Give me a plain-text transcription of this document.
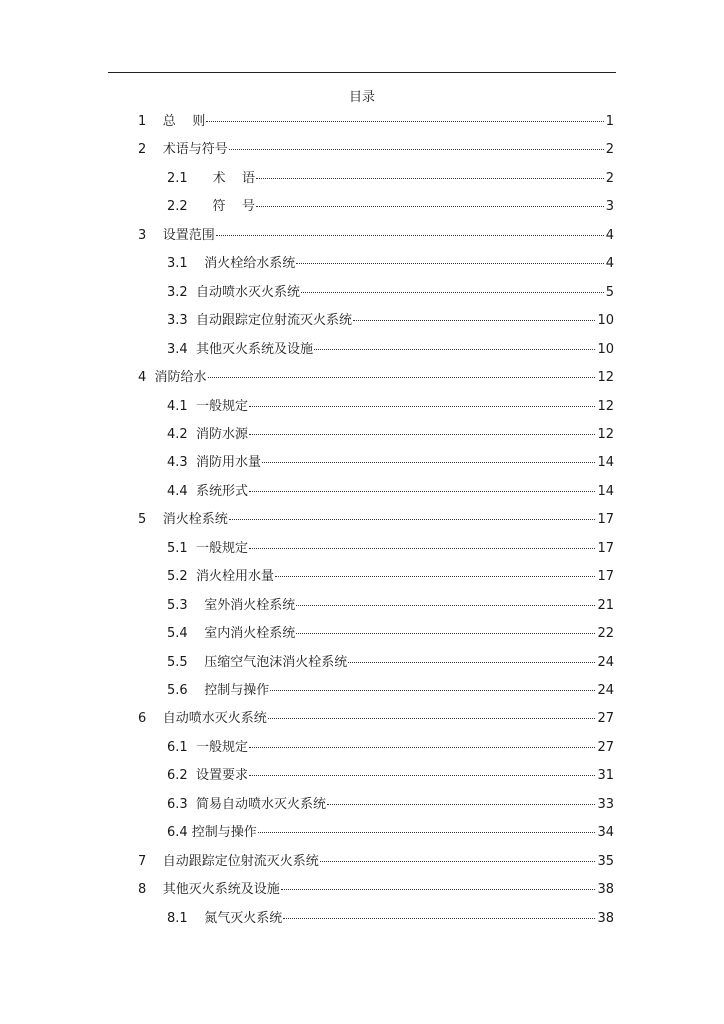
目录
1    总    则	1
2    术语与符号	2
2.1      术    语	2
2.2      符    号	3
3    设置范围	4
3.1    消火栓给水系统	4
3.2  自动喷水灭火系统	5
3.3  自动跟踪定位射流灭火系统	10
3.4  其他灭火系统及设施	10
4  消防给水	12
4.1  一般规定	12
4.2  消防水源	12
4.3  消防用水量	14
4.4  系统形式	14
5    消火栓系统	17
5.1  一般规定	17
5.2  消火栓用水量	17
5.3    室外消火栓系统	21
5.4    室内消火栓系统	22
5.5    压缩空气泡沫消火栓系统	24
5.6    控制与操作	24
6    自动喷水灭火系统	27
6.1  一般规定	27
6.2  设置要求	31
6.3  简易自动喷水灭火系统	33
6.4 控制与操作	34
7    自动跟踪定位射流灭火系统	35
8    其他灭火系统及设施	38
8.1    氮气灭火系统	38
